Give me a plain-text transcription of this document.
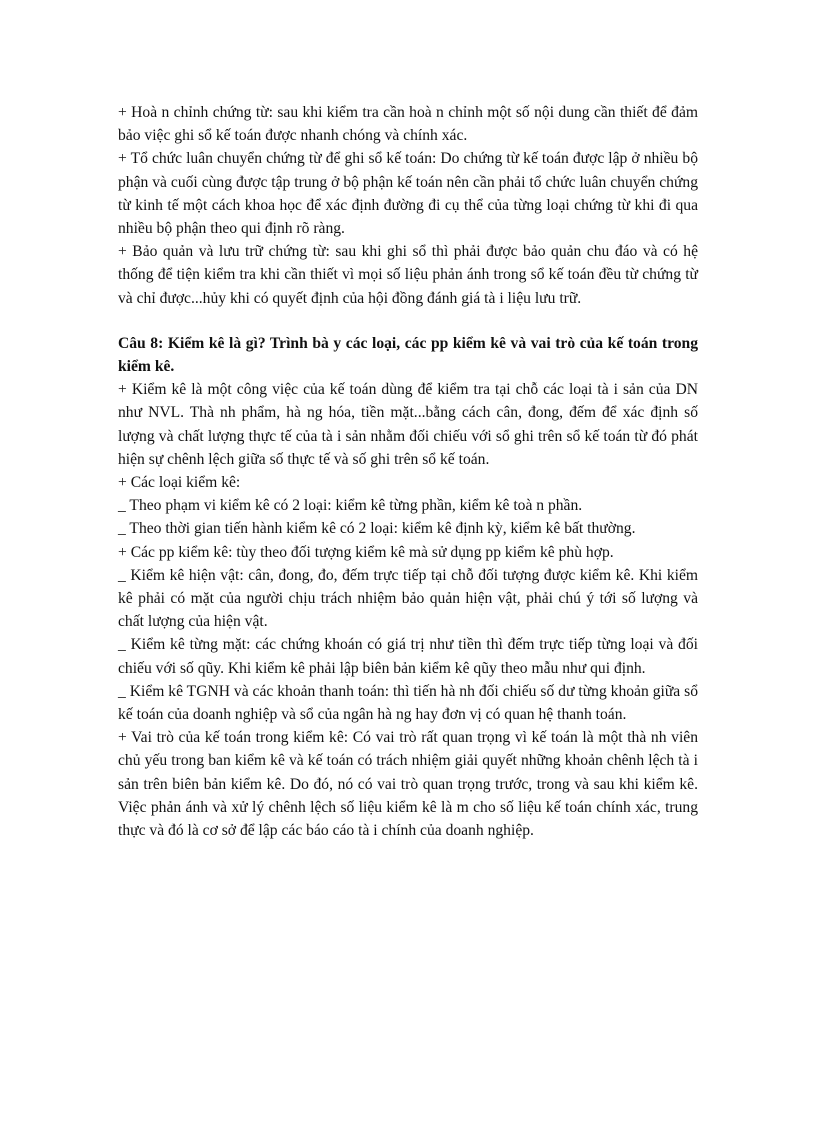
+ Hoà n chỉnh chứng từ: sau khi kiểm tra cần hoà n chỉnh một số nội dung cần thiết để đảm bảo việc ghi sổ kế toán được nhanh chóng và chính xác.

+ Tổ chức luân chuyển chứng từ để ghi sổ kế toán: Do chứng từ kế toán được lập ở nhiều bộ phận và cuối cùng được tập trung ở bộ phận kế toán nên cần phải tổ chức luân chuyển chứng từ kinh tế một cách khoa học để xác định đường đi cụ thể của từng loại chứng từ khi đi qua nhiều bộ phận theo qui định rõ ràng.

+ Bảo quản và lưu trữ chứng từ: sau khi ghi sổ thì phải được bảo quản chu đáo và có hệ thống để tiện kiểm tra khi cần thiết vì mọi số liệu phản ánh trong sổ kế toán đều từ chứng từ và chỉ được...hủy khi có quyết định của hội đồng đánh giá tà i liệu lưu trữ.

Câu 8: Kiểm kê là gì? Trình bà y các loại, các pp kiểm kê và vai trò của kế toán trong kiểm kê.

+ Kiểm kê là một công việc của kế toán dùng để kiểm tra tại chỗ các loại tà i sản của DN như NVL. Thà nh phẩm, hà ng hóa, tiền mặt...bằng cách cân, đong, đếm để xác định số lượng và chất lượng thực tế của tà i sản nhằm đối chiếu với sổ ghi trên sổ kế toán từ đó phát hiện sự chênh lệch giữa số thực tế và số ghi trên sổ kế toán.

+ Các loại kiểm kê:

_ Theo phạm vi kiểm kê có 2 loại: kiểm kê từng phần, kiểm kê toà n phần.

_ Theo thời gian tiến hành kiểm kê có 2 loại: kiểm kê định kỳ, kiểm kê bất thường.

+ Các pp kiểm kê: tùy theo đối tượng kiểm kê mà sử dụng pp kiểm kê phù hợp.

_ Kiểm kê hiện vật: cân, đong, đo, đếm trực tiếp tại chỗ đối tượng được kiểm kê. Khi kiểm kê phải có mặt của người chịu trách nhiệm bảo quản hiện vật, phải chú ý tới số lượng và chất lượng của hiện vật.

_ Kiểm kê từng mặt: các chứng khoán có giá trị như tiền thì đếm trực tiếp từng loại và đối chiếu với số qũy. Khi kiểm kê phải lập biên bản kiểm kê qũy theo mẫu như qui định.

_ Kiểm kê TGNH và các khoản thanh toán: thì tiến hà nh đối chiếu số dư từng khoản giữa sổ kế toán của doanh nghiệp và sổ của ngân hà ng hay đơn vị có quan hệ thanh toán.

+ Vai trò của kế toán trong kiểm kê: Có vai trò rất quan trọng vì kế toán là một thà nh viên chủ yếu trong ban kiểm kê và kế toán có trách nhiệm giải quyết những khoản chênh lệch tà i sản trên biên bản kiểm kê. Do đó, nó có vai trò quan trọng trước, trong và sau khi kiểm kê. Việc phản ánh và xử lý chênh lệch số liệu kiểm kê là m cho số liệu kế toán chính xác, trung thực và đó là cơ sở để lập các báo cáo tà i chính của doanh nghiệp.
